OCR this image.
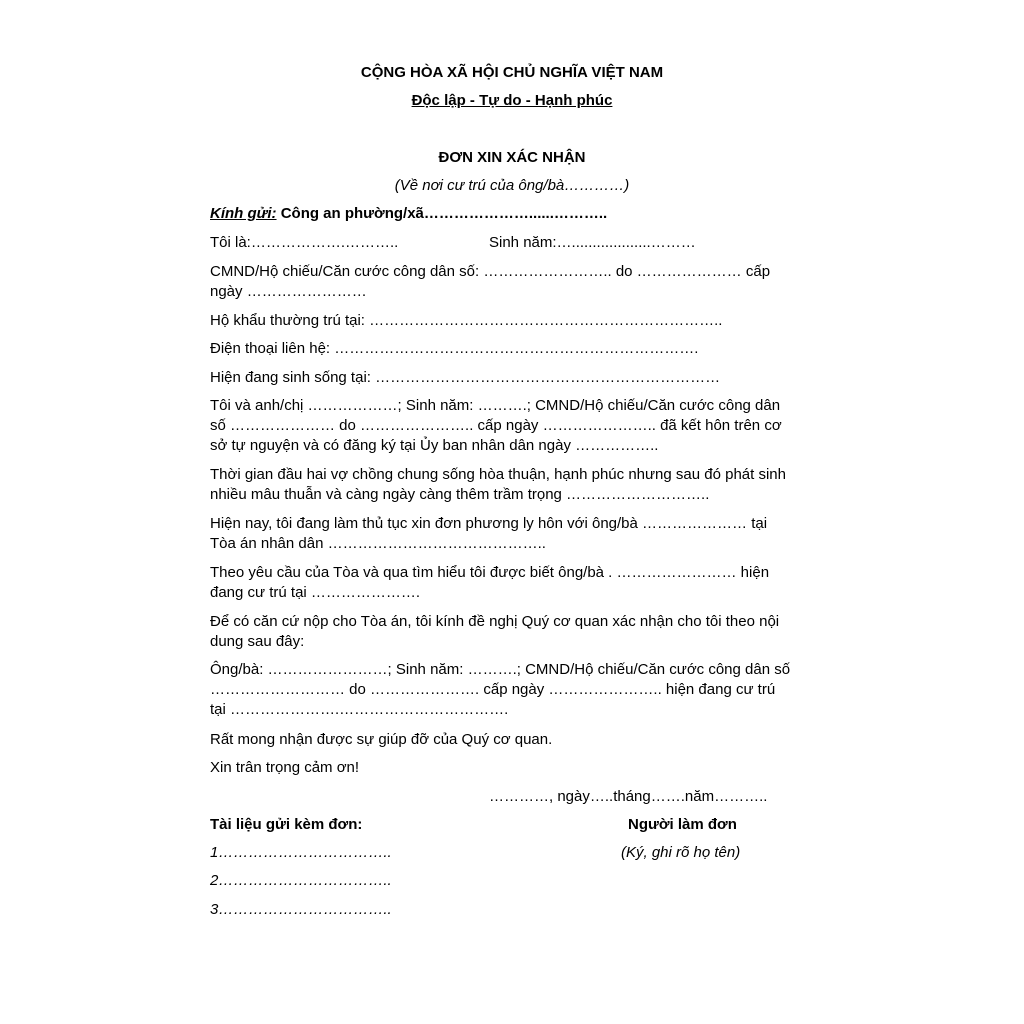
CỘNG HÒA XÃ HỘI CHỦ NGHĨA VIỆT NAM
Độc lập - Tự do - Hạnh phúc
ĐƠN XIN XÁC NHẬN
(Về nơi cư trú của ông/bà…………)
Kính gửi: Công an phường/xã…………………......………..
Tôi là:……………….………..	Sinh năm:…...................………
CMND/Hộ chiếu/Căn cước công dân số: …………………….. do ………………… cấp
ngày ……………………
Hộ khẩu thường trú tại: ……………………………………………………………..
Điện thoại liên hệ: ……………………………………………………………….
Hiện đang sinh sống tại: ……………………………………………………………
Tôi và anh/chị ………………; Sinh năm: ……….; CMND/Hộ chiếu/Căn cước công dân
số ………………… do ………………….. cấp ngày ………………….. đã kết hôn trên cơ
sở tự nguyện và có đăng ký tại Ủy ban nhân dân ngày ……………..
Thời gian đầu hai vợ chồng chung sống hòa thuận, hạnh phúc nhưng sau đó phát sinh
nhiều mâu thuẫn và càng ngày càng thêm trầm trọng ………………………..
Hiện nay, tôi đang làm thủ tục xin đơn phương ly hôn với ông/bà ………………… tại
Tòa án nhân dân ……………………………………..
Theo yêu cầu của Tòa và qua tìm hiểu tôi được biết ông/bà . …………………… hiện
đang cư trú tại ………………….
Để có căn cứ nộp cho Tòa án, tôi kính đề nghị Quý cơ quan xác nhận cho tôi theo nội
dung sau đây:
Ông/bà: ……………………; Sinh năm: ……….; CMND/Hộ chiếu/Căn cước công dân số
……………………… do …………………. cấp ngày ………………….. hiện đang cư trú
tại ………………….…………………………….
Rất mong nhận được sự giúp đỡ của Quý cơ quan.
Xin trân trọng cảm ơn!
…………, ngày…..tháng…….năm………..
Tài liệu gửi kèm đơn:	Người làm đơn
1……………………………..	(Ký, ghi rõ họ tên)
2……………………………..
3……………………………..
